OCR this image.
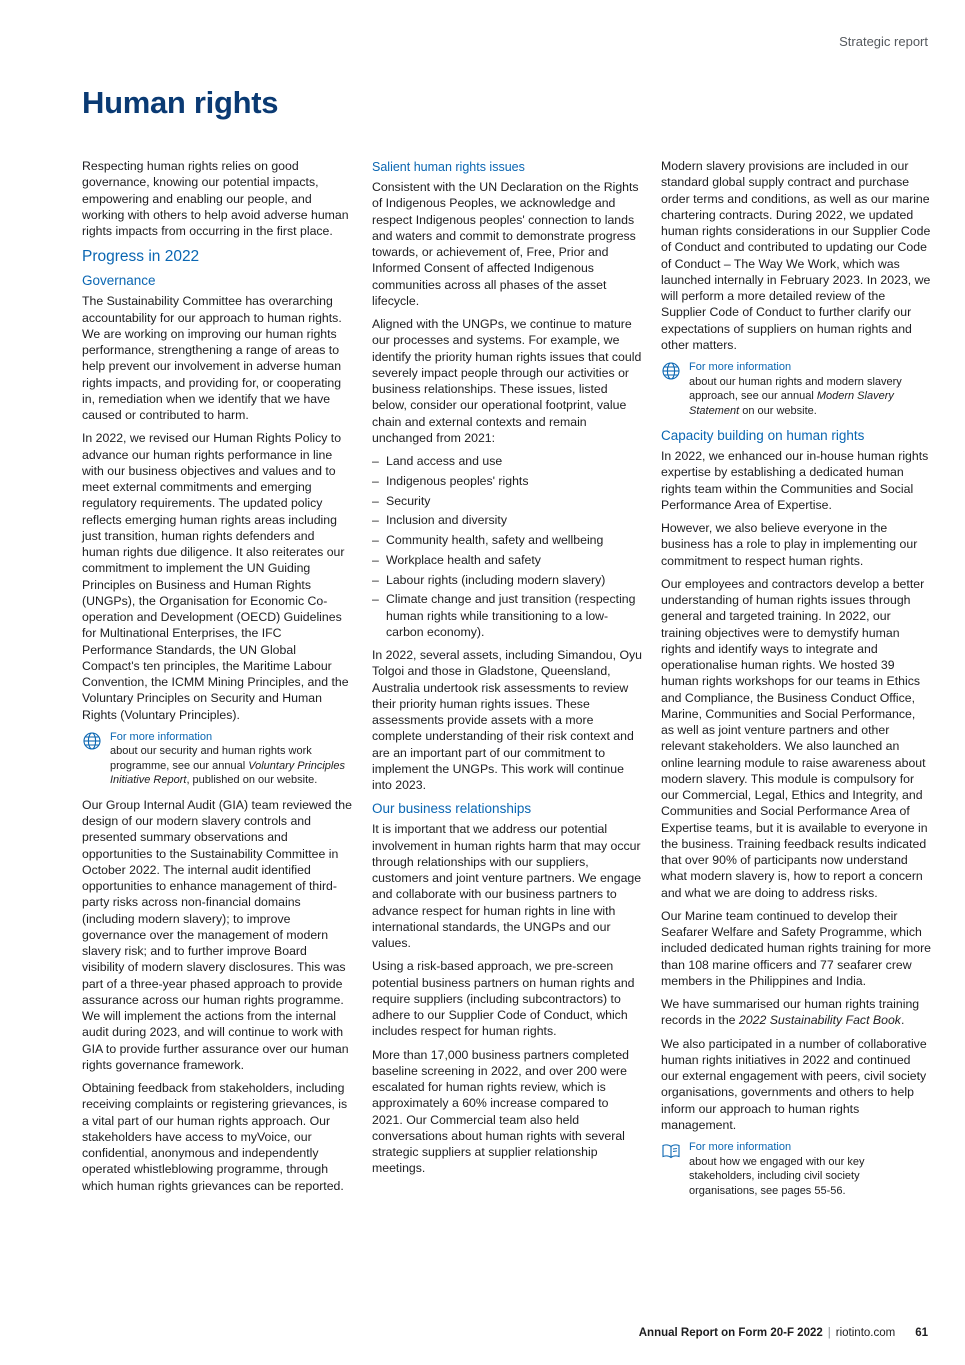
Strategic report
Human rights

Respecting human rights relies on good governance, knowing our potential impacts, empowering and enabling our people, and working with others to help avoid adverse human rights impacts from occurring in the first place.

Progress in 2022
Governance

The Sustainability Committee has overarching accountability for our approach to human rights. We are working on improving our human rights performance, strengthening a range of areas to help prevent our involvement in adverse human rights impacts, and providing for, or cooperating in, remediation when we identify that we have caused or contributed to harm.

In 2022, we revised our Human Rights Policy to advance our human rights performance in line with our business objectives and values and to meet external commitments and emerging regulatory requirements. The updated policy reflects emerging human rights areas including just transition, human rights defenders and human rights due diligence. It also reiterates our commitment to implement the UN Guiding Principles on Business and Human Rights (UNGPs), the Organisation for Economic Co-operation and Development (OECD) Guidelines for Multinational Enterprises, the IFC Performance Standards, the UN Global Compact's ten principles, the Maritime Labour Convention, the ICMM Mining Principles, and the Voluntary Principles on Security and Human Rights (Voluntary Principles).

For more information
about our security and human rights work programme, see our annual Voluntary Principles Initiative Report, published on our website.

Our Group Internal Audit (GIA) team reviewed the design of our modern slavery controls and presented summary observations and opportunities to the Sustainability Committee in October 2022. The internal audit identified opportunities to enhance management of third-party risks across non-financial domains (including modern slavery); to improve governance over the management of modern slavery risk; and to further improve Board visibility of modern slavery disclosures. This was part of a three-year phased approach to provide assurance across our human rights programme. We will implement the actions from the internal audit during 2023, and will continue to work with GIA to provide further assurance over our human rights governance framework.

Obtaining feedback from stakeholders, including receiving complaints or registering grievances, is a vital part of our human rights approach. Our stakeholders have access to myVoice, our confidential, anonymous and independently operated whistleblowing programme, through which human rights grievances can be reported.

Salient human rights issues

Consistent with the UN Declaration on the Rights of Indigenous Peoples, we acknowledge and respect Indigenous peoples' connection to lands and waters and commit to demonstrate progress towards, or achievement of, Free, Prior and Informed Consent of affected Indigenous communities across all phases of the asset lifecycle.

Aligned with the UNGPs, we continue to mature our processes and systems. For example, we identify the priority human rights issues that could severely impact people through our activities or business relationships. These issues, listed below, consider our operational footprint, value chain and external contexts and remain unchanged from 2021:

– Land access and use
– Indigenous peoples' rights
– Security
– Inclusion and diversity
– Community health, safety and wellbeing
– Workplace health and safety
– Labour rights (including modern slavery)
– Climate change and just transition (respecting human rights while transitioning to a low-carbon economy).

In 2022, several assets, including Simandou, Oyu Tolgoi and those in Gladstone, Queensland, Australia undertook risk assessments to review their priority human rights issues. These assessments provide assets with a more complete understanding of their risk context and are an important part of our commitment to implement the UNGPs. This work will continue into 2023.

Our business relationships

It is important that we address our potential involvement in human rights harm that may occur through relationships with our suppliers, customers and joint venture partners. We engage and collaborate with our business partners to advance respect for human rights in line with international standards, the UNGPs and our values.

Using a risk-based approach, we pre-screen potential business partners on human rights and require suppliers (including subcontractors) to adhere to our Supplier Code of Conduct, which includes respect for human rights.

More than 17,000 business partners completed baseline screening in 2022, and over 200 were escalated for human rights review, which is approximately a 60% increase compared to 2021. Our Commercial team also held conversations about human rights with several strategic suppliers at supplier relationship meetings.

Modern slavery provisions are included in our standard global supply contract and purchase order terms and conditions, as well as our marine chartering contracts. During 2022, we updated human rights considerations in our Supplier Code of Conduct and contributed to updating our Code of Conduct – The Way We Work, which was launched internally in February 2023. In 2023, we will perform a more detailed review of the Supplier Code of Conduct to further clarify our expectations of suppliers on human rights and other matters.

For more information
about our human rights and modern slavery approach, see our annual Modern Slavery Statement on our website.
Capacity building on human rights

In 2022, we enhanced our in-house human rights expertise by establishing a dedicated human rights team within the Communities and Social Performance Area of Expertise.

However, we also believe everyone in the business has a role to play in implementing our commitment to respect human rights.

Our employees and contractors develop a better understanding of human rights issues through general and targeted training. In 2022, our training objectives were to demystify human rights and identify ways to integrate and operationalise human rights. We hosted 39 human rights workshops for our teams in Ethics and Compliance, the Business Conduct Office, Marine, Communities and Social Performance, as well as joint venture partners and other relevant stakeholders. We also launched an online learning module to raise awareness about modern slavery. This module is compulsory for our Commercial, Legal, Ethics and Integrity, and Communities and Social Performance Area of Expertise teams, but it is available to everyone in the business. Training feedback results indicated that over 90% of participants now understand what modern slavery is, how to report a concern and what we are doing to address risks.

Our Marine team continued to develop their Seafarer Welfare and Safety Programme, which included dedicated human rights training for more than 108 marine officers and 77 seafarer crew members in the Philippines and India.

We have summarised our human rights training records in the 2022 Sustainability Fact Book.

We also participated in a number of collaborative human rights initiatives in 2022 and continued our external engagement with peers, civil society organisations, governments and others to help inform our approach to human rights management.

For more information
about how we engaged with our key stakeholders, including civil society organisations, see pages 55-56.
Annual Report on Form 20-F 2022 | riotinto.com 61
